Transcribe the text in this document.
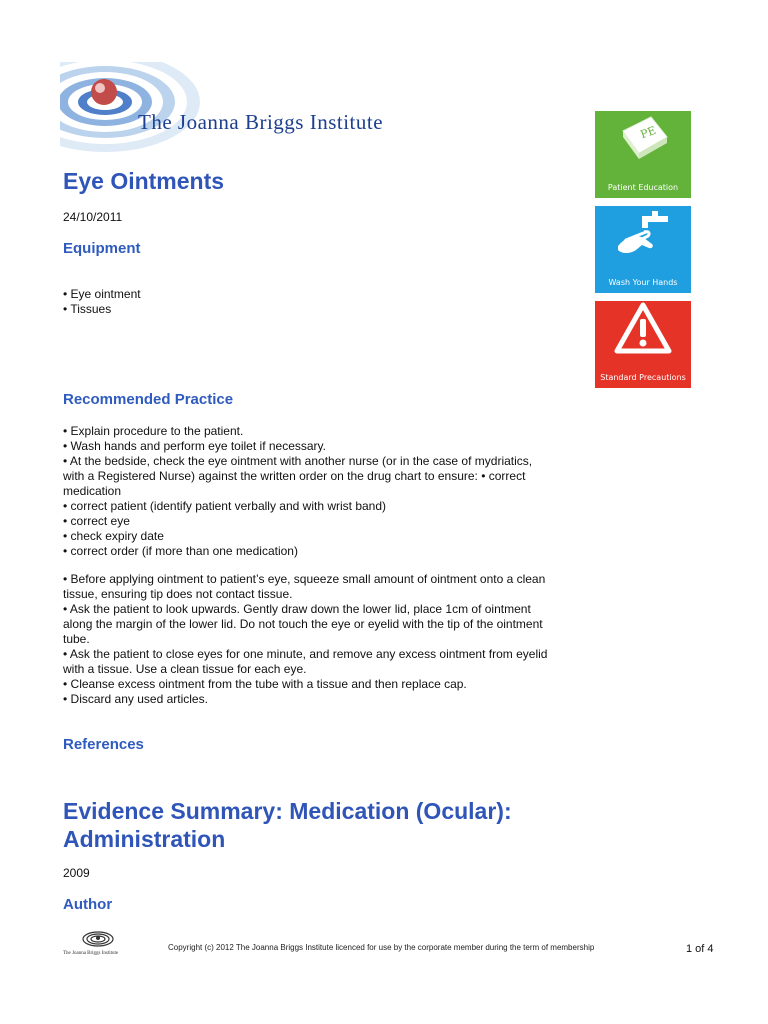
The Joanna Briggs Institute
Eye Ointments
24/10/2011
Equipment
• Eye ointment
• Tissues
Recommended Practice
• Explain procedure to the patient.
• Wash hands and perform eye toilet if necessary.
• At the bedside, check the eye ointment with another nurse (or in the case of mydriatics,
with a Registered Nurse) against the written order on the drug chart to ensure: • correct
medication
• correct patient (identify patient verbally and with wrist band)
• correct eye
• check expiry date
• correct order (if more than one medication)
• Before applying ointment to patient’s eye, squeeze small amount of ointment onto a clean
tissue, ensuring tip does not contact tissue.
• Ask the patient to look upwards. Gently draw down the lower lid, place 1cm of ointment
along the margin of the lower lid. Do not touch the eye or eyelid with the tip of the ointment
tube.
• Ask the patient to close eyes for one minute, and remove any excess ointment from eyelid
with a tissue. Use a clean tissue for each eye.
• Cleanse excess ointment from the tube with a tissue and then replace cap.
• Discard any used articles.
References
Evidence Summary: Medication (Ocular):
Administration
2009
Author
PE
Patient Education
Wash Your Hands
Standard Precautions
The Joanna Briggs Institute
Copyright (c) 2012 The Joanna Briggs Institute licenced for use by the corporate member during the term of membership	1 of 4
